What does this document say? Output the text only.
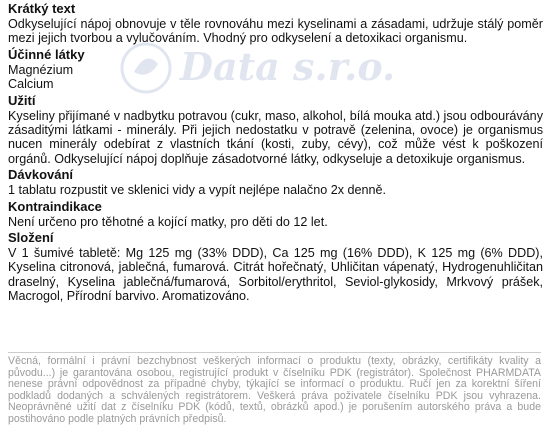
Data s.r.o.
Krátký text
Odkyselující nápoj obnovuje v těle rovnováhu mezi kyselinami a zásadami, udržuje stálý poměr mezi jejich tvorbou a vylučováním. Vhodný pro odkyselení a detoxikaci organismu.
Účinné látky
Magnézium
Calcium
Užití
Kyseliny přijímané v nadbytku potravou (cukr, maso, alkohol, bílá mouka atd.) jsou odbourávány zásaditými látkami - minerály. Při jejich nedostatku v potravě (zelenina, ovoce) je organismus nucen minerály odebírat z vlastních tkání (kosti, zuby, cévy), což může vést k poškození orgánů. Odkyselující nápoj doplňuje zásadotvorné látky, odkyseluje a detoxikuje organismus.
Dávkování
1 tablatu rozpustit ve sklenici vidy a vypít nejlépe nalačno 2x denně.
Kontraindikace
Není určeno pro těhotné a kojící matky, pro děti do 12 let.
Složení
V 1 šumivé tabletě: Mg 125 mg (33% DDD), Ca 125 mg (16% DDD), K 125 mg (6% DDD), Kyselina citronová, jablečná, fumarová. Citrát hořečnatý, Uhličitan vápenatý, Hydrogenuhličitan draselný, Kyselina jablečná/fumarová, Sorbitol/erythritol, Seviol-glykosidy, Mrkvový prášek, Macrogol, Přírodní barvivo. Aromatizováno.
Věcná, formální i právní bezchybnost veškerých informací o produktu (texty, obrázky, certifikáty kvality a původu...) je garantována osobou, registrující produkt v číselníku PDK (registrátor). Společnost PHARMDATA nenese právní odpovědnost za případné chyby, týkající se informací o produktu. Ručí jen za korektní šíření podkladů dodaných a schválených registrátorem. Veškerá práva poživatele číselníku PDK jsou vyhrazena. Neoprávněné užití dat z číselníku PDK (kódů, textů, obrázků apod.) je porušením autorského práva a bude postihováno podle platných právních předpisů.
